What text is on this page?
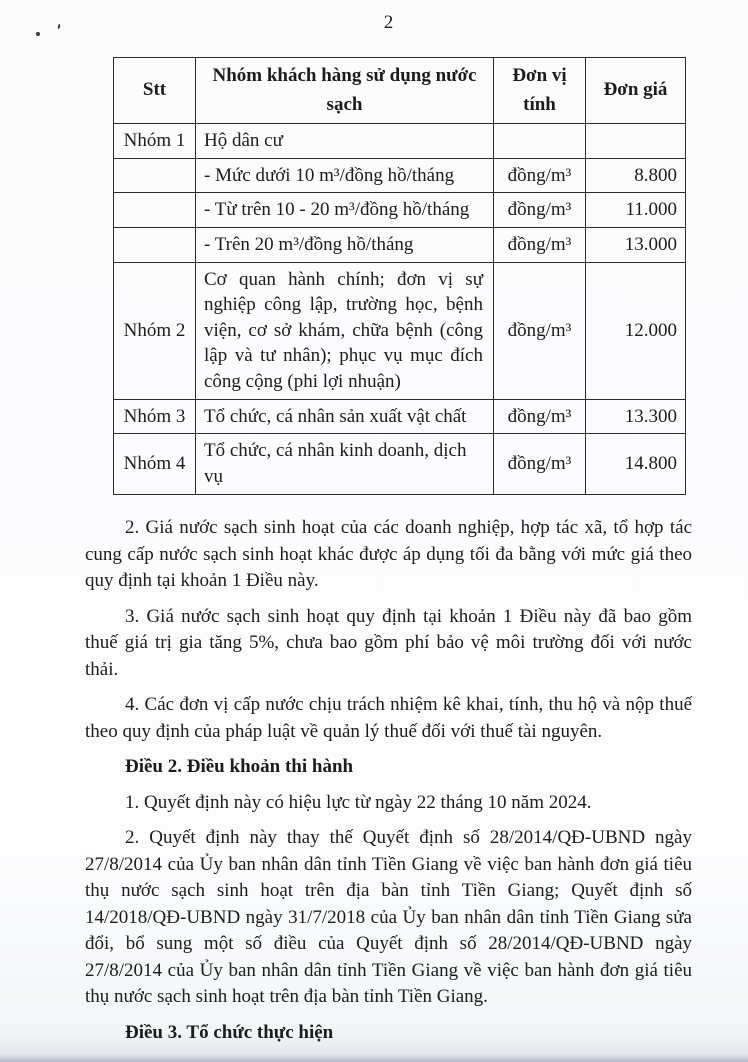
2
Stt	Nhóm khách hàng sử dụng nước sạch	Đơn vị tính	Đơn giá
Nhóm 1	Hộ dân cư		
	- Mức dưới 10 m³/đồng hồ/tháng	đồng/m³	8.800
	- Từ trên 10 - 20 m³/đồng hồ/tháng	đồng/m³	11.000
	- Trên 20 m³/đồng hồ/tháng	đồng/m³	13.000
Nhóm 2	Cơ quan hành chính; đơn vị sự nghiệp công lập, trường học, bệnh viện, cơ sở khám, chữa bệnh (công lập và tư nhân); phục vụ mục đích công cộng (phi lợi nhuận)	đồng/m³	12.000
Nhóm 3	Tổ chức, cá nhân sản xuất vật chất	đồng/m³	13.300
Nhóm 4	Tổ chức, cá nhân kinh doanh, dịch vụ	đồng/m³	14.800

2. Giá nước sạch sinh hoạt của các doanh nghiệp, hợp tác xã, tổ hợp tác cung cấp nước sạch sinh hoạt khác được áp dụng tối đa bằng với mức giá theo quy định tại khoản 1 Điều này.

3. Giá nước sạch sinh hoạt quy định tại khoản 1 Điều này đã bao gồm thuế giá trị gia tăng 5%, chưa bao gồm phí bảo vệ môi trường đối với nước thải.

4. Các đơn vị cấp nước chịu trách nhiệm kê khai, tính, thu hộ và nộp thuế theo quy định của pháp luật về quản lý thuế đối với thuế tài nguyên.

Điều 2. Điều khoản thi hành

1. Quyết định này có hiệu lực từ ngày 22 tháng 10 năm 2024.

2. Quyết định này thay thế Quyết định số 28/2014/QĐ-UBND ngày 27/8/2014 của Ủy ban nhân dân tỉnh Tiền Giang về việc ban hành đơn giá tiêu thụ nước sạch sinh hoạt trên địa bàn tỉnh Tiền Giang; Quyết định số 14/2018/QĐ-UBND ngày 31/7/2018 của Ủy ban nhân dân tỉnh Tiền Giang sửa đổi, bổ sung một số điều của Quyết định số 28/2014/QĐ-UBND ngày 27/8/2014 của Ủy ban nhân dân tỉnh Tiền Giang về việc ban hành đơn giá tiêu thụ nước sạch sinh hoạt trên địa bàn tỉnh Tiền Giang.

Điều 3. Tổ chức thực hiện
